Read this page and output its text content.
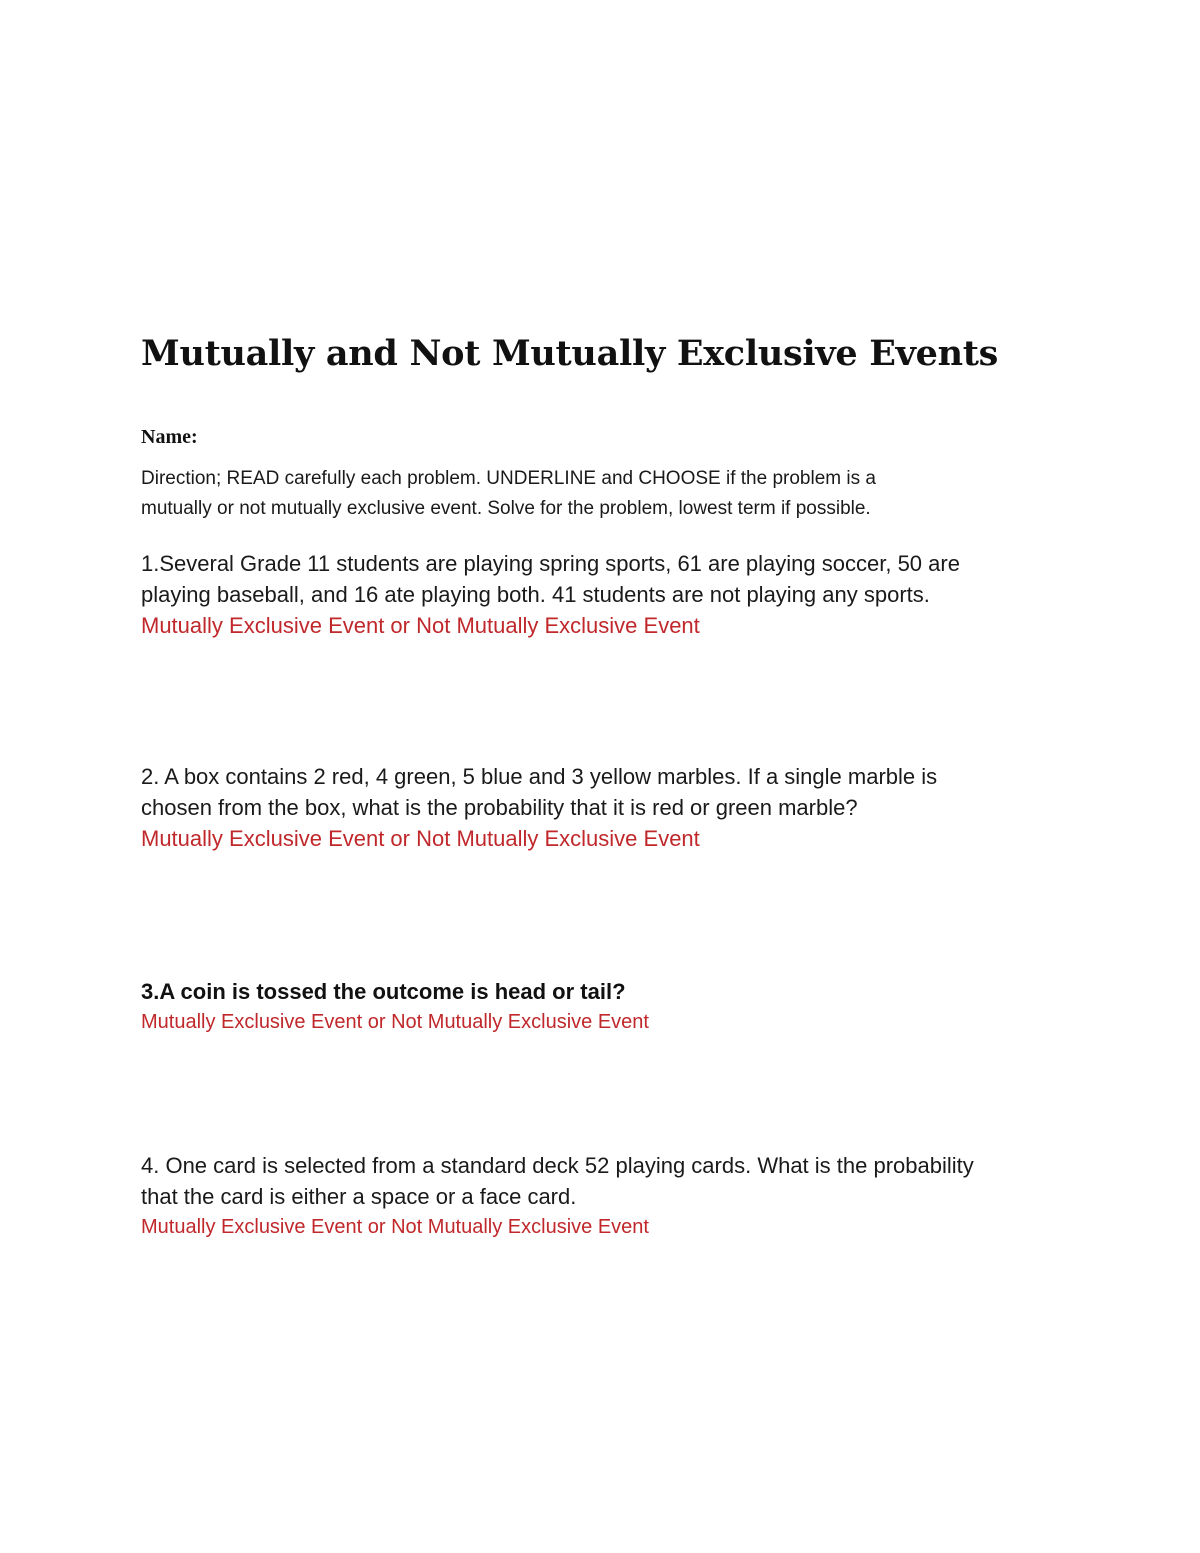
Mutually and Not Mutually Exclusive Events
Name:
Direction; READ carefully each problem. UNDERLINE and CHOOSE if the problem is a
mutually or not mutually exclusive event. Solve for the problem, lowest term if possible.
1.Several Grade 11 students are playing spring sports, 61 are playing soccer, 50 are
playing baseball, and 16 ate playing both. 41 students are not playing any sports.
Mutually Exclusive Event or Not Mutually Exclusive Event
2. A box contains 2 red, 4 green, 5 blue and 3 yellow marbles. If a single marble is
chosen from the box, what is the probability that it is red or green marble?
Mutually Exclusive Event or Not Mutually Exclusive Event
3.A coin is tossed the outcome is head or tail?
Mutually Exclusive Event or Not Mutually Exclusive Event
4. One card is selected from a standard deck 52 playing cards. What is the probability
that the card is either a space or a face card.
Mutually Exclusive Event or Not Mutually Exclusive Event
